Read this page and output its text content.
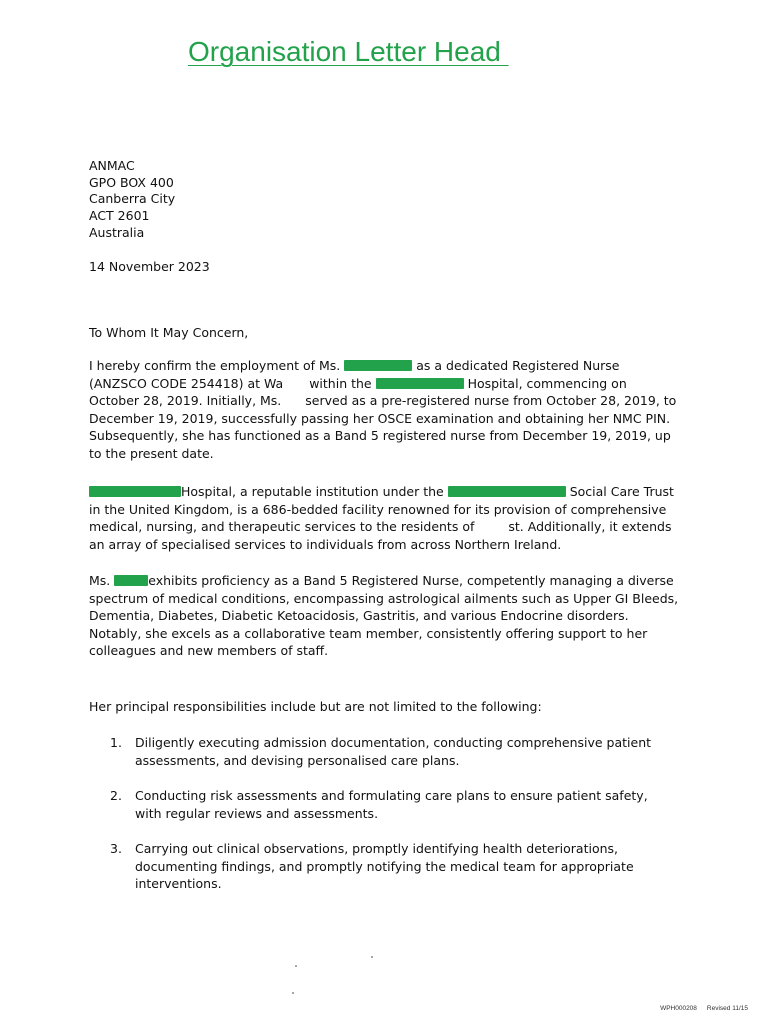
Organisation Letter Head
ANMAC
GPO BOX 400
Canberra City
ACT 2601
Australia
14 November 2023
To Whom It May Concern,
I hereby confirm the employment of Ms.	as a dedicated Registered Nurse (ANZSCO CODE 254418) at Wa within the	Hospital, commencing on October 28, 2019. Initially, Ms. served as a pre-registered nurse from October 28, 2019, to December 19, 2019, successfully passing her OSCE examination and obtaining her NMC PIN. Subsequently, she has functioned as a Band 5 registered nurse from December 19, 2019, up to the present date.
Hospital, a reputable institution under the	Social Care Trust in the United Kingdom, is a 686-bedded facility renowned for its provision of comprehensive medical, nursing, and therapeutic services to the residents of	st. Additionally, it extends an array of specialised services to individuals from across Northern Ireland.
Ms.	exhibits proficiency as a Band 5 Registered Nurse, competently managing a diverse spectrum of medical conditions, encompassing astrological ailments such as Upper GI Bleeds, Dementia, Diabetes, Diabetic Ketoacidosis, Gastritis, and various Endocrine disorders. Notably, she excels as a collaborative team member, consistently offering support to her colleagues and new members of staff.
Her principal responsibilities include but are not limited to the following:
1. Diligently executing admission documentation, conducting comprehensive patient assessments, and devising personalised care plans.
2. Conducting risk assessments and formulating care plans to ensure patient safety, with regular reviews and assessments.
3. Carrying out clinical observations, promptly identifying health deteriorations, documenting findings, and promptly notifying the medical team for appropriate interventions.
WPH000208 Revised 11/15
